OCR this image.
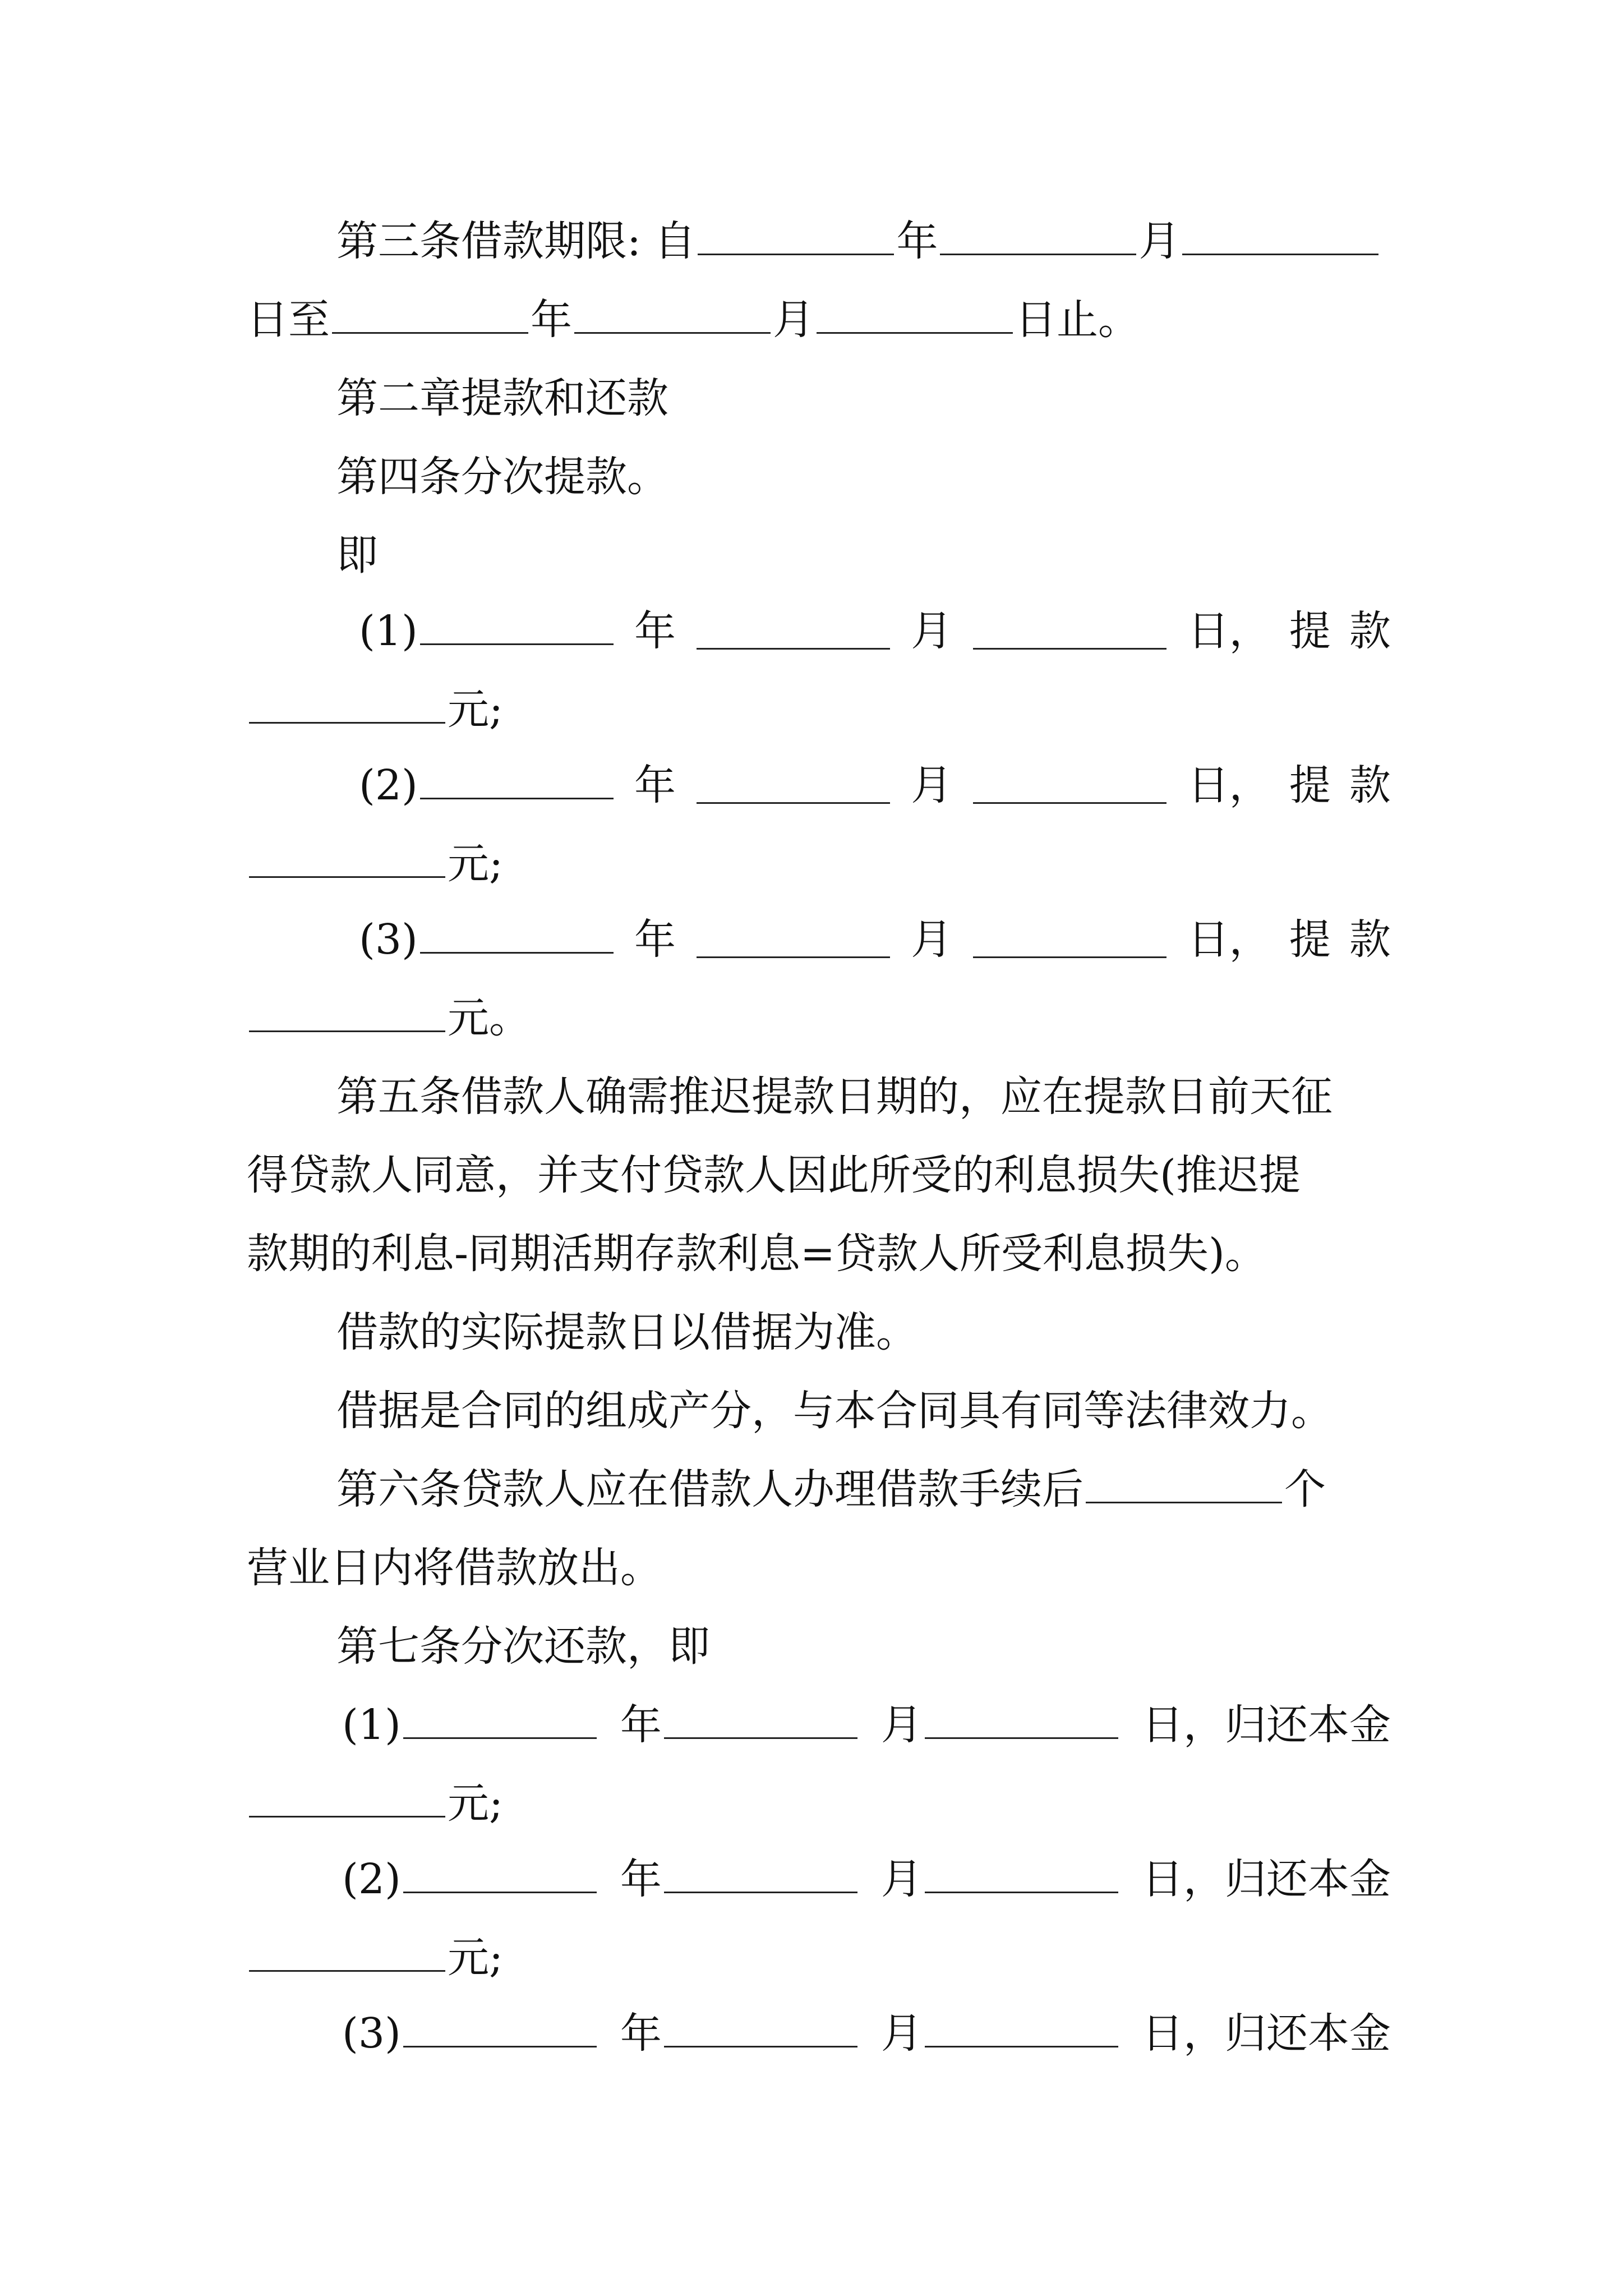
第三条借款期限: 自	年	月
日至	年	月	日止。
第二章提款和还款
第四条分次提款。
即
(1)	年	月	日， 提 款
元;
(2)	年	月	日， 提 款
元;
(3)	年	月	日， 提 款
元。
第五条借款人确需推迟提款日期的，应在提款日前天征
得贷款人同意，并支付贷款人因此所受的利息损失(推迟提
款期的利息-同期活期存款利息=贷款人所受利息损失)。
借款的实际提款日以借据为准。
借据是合同的组成产分，与本合同具有同等法律效力。
第六条贷款人应在借款人办理借款手续后	个
营业日内将借款放出。
第七条分次还款，即
(1)	年	月	日，归还本金
元;
(2)	年	月	日，归还本金
元;
(3)	年	月	日，归还本金
